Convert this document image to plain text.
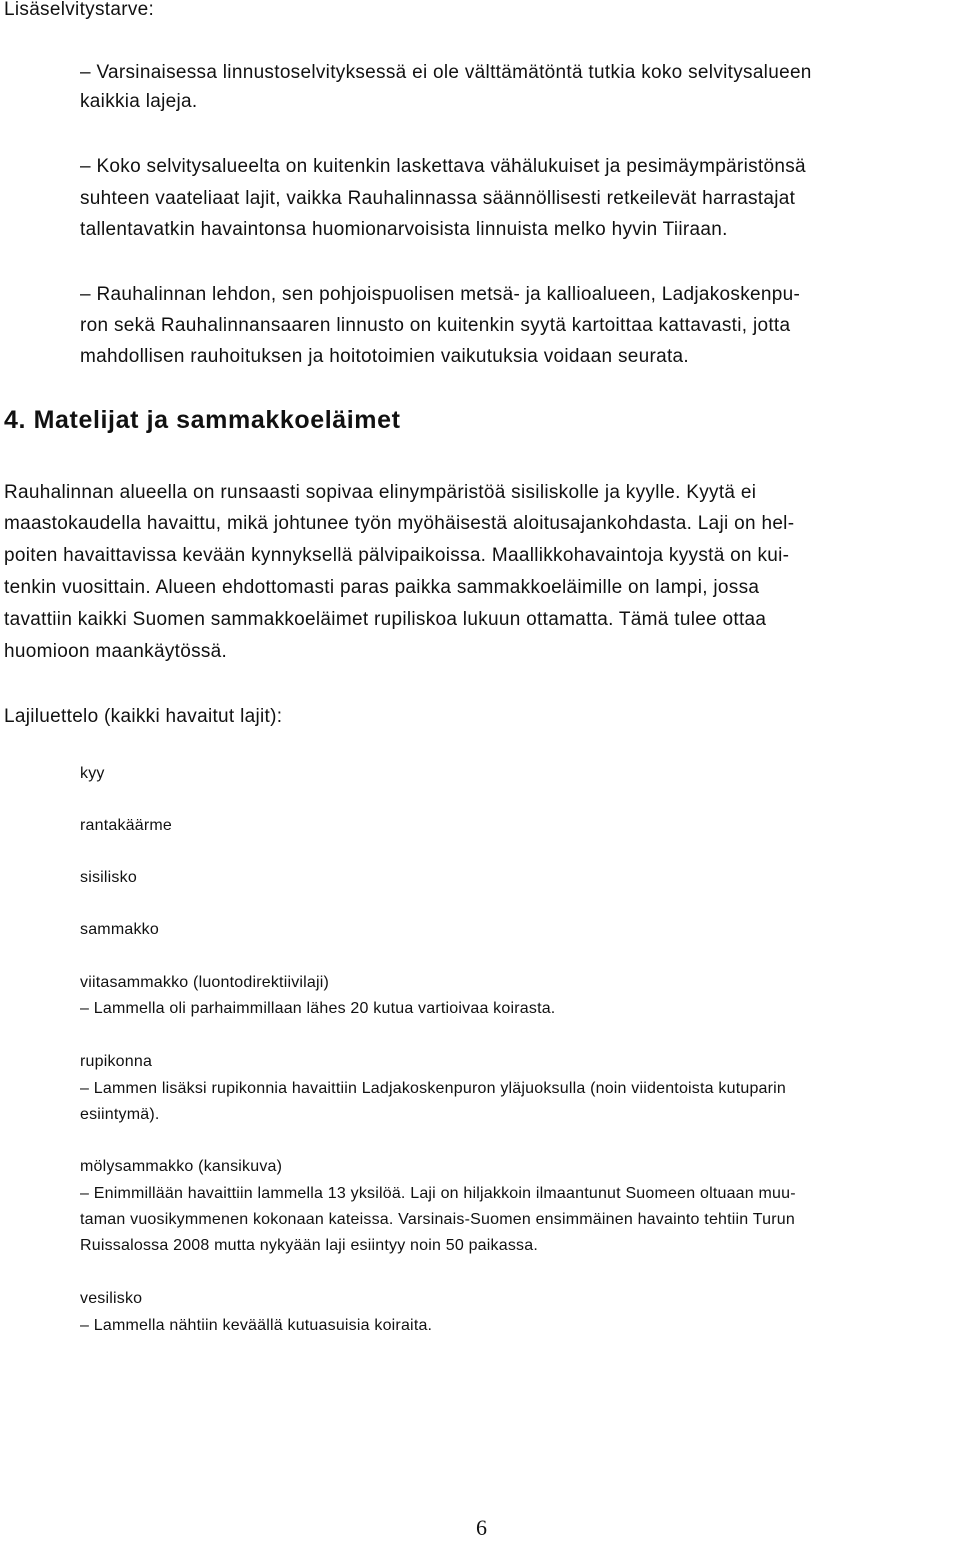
Lisäselvitystarve:
– Varsinaisessa linnustoselvityksessä ei ole välttämätöntä tutkia koko selvitysalueen
kaikkia lajeja.
– Koko selvitysalueelta on kuitenkin laskettava vähälukuiset ja pesimäympäristönsä
suhteen vaateliaat lajit, vaikka Rauhalinnassa säännöllisesti retkeilevät harrastajat
tallentavatkin havaintonsa huomionarvoisista linnuista melko hyvin Tiiraan.
– Rauhalinnan lehdon, sen pohjoispuolisen metsä- ja kallioalueen, Ladjakoskenpu-
ron sekä Rauhalinnansaaren linnusto on kuitenkin syytä kartoittaa kattavasti, jotta
mahdollisen rauhoituksen ja hoitotoimien vaikutuksia voidaan seurata.
4. Matelijat ja sammakkoeläimet
Rauhalinnan alueella on runsaasti sopivaa elinympäristöä sisiliskolle ja kyylle. Kyytä ei
maastokaudella havaittu, mikä johtunee työn myöhäisestä aloitusajankohdasta. Laji on hel-
poiten havaittavissa kevään kynnyksellä pälvipaikoissa. Maallikkohavaintoja kyystä on kui-
tenkin vuosittain. Alueen ehdottomasti paras paikka sammakkoeläimille on lampi, jossa
tavattiin kaikki Suomen sammakkoeläimet rupiliskoa lukuun ottamatta. Tämä tulee ottaa
huomioon maankäytössä.
Lajiluettelo (kaikki havaitut lajit):
kyy
rantakäärme
sisilisko
sammakko
viitasammakko (luontodirektiivilaji)
– Lammella oli parhaimmillaan lähes 20 kutua vartioivaa koirasta.
rupikonna
– Lammen lisäksi rupikonnia havaittiin Ladjakoskenpuron yläjuoksulla (noin viidentoista kutuparin
esiintymä).
mölysammakko (kansikuva)
– Enimmillään havaittiin lammella 13 yksilöä. Laji on hiljakkoin ilmaantunut Suomeen oltuaan muu-
taman vuosikymmenen kokonaan kateissa. Varsinais-Suomen ensimmäinen havainto tehtiin Turun
Ruissalossa 2008 mutta nykyään laji esiintyy noin 50 paikassa.
vesilisko
– Lammella nähtiin keväällä kutuasuisia koiraita.
6
